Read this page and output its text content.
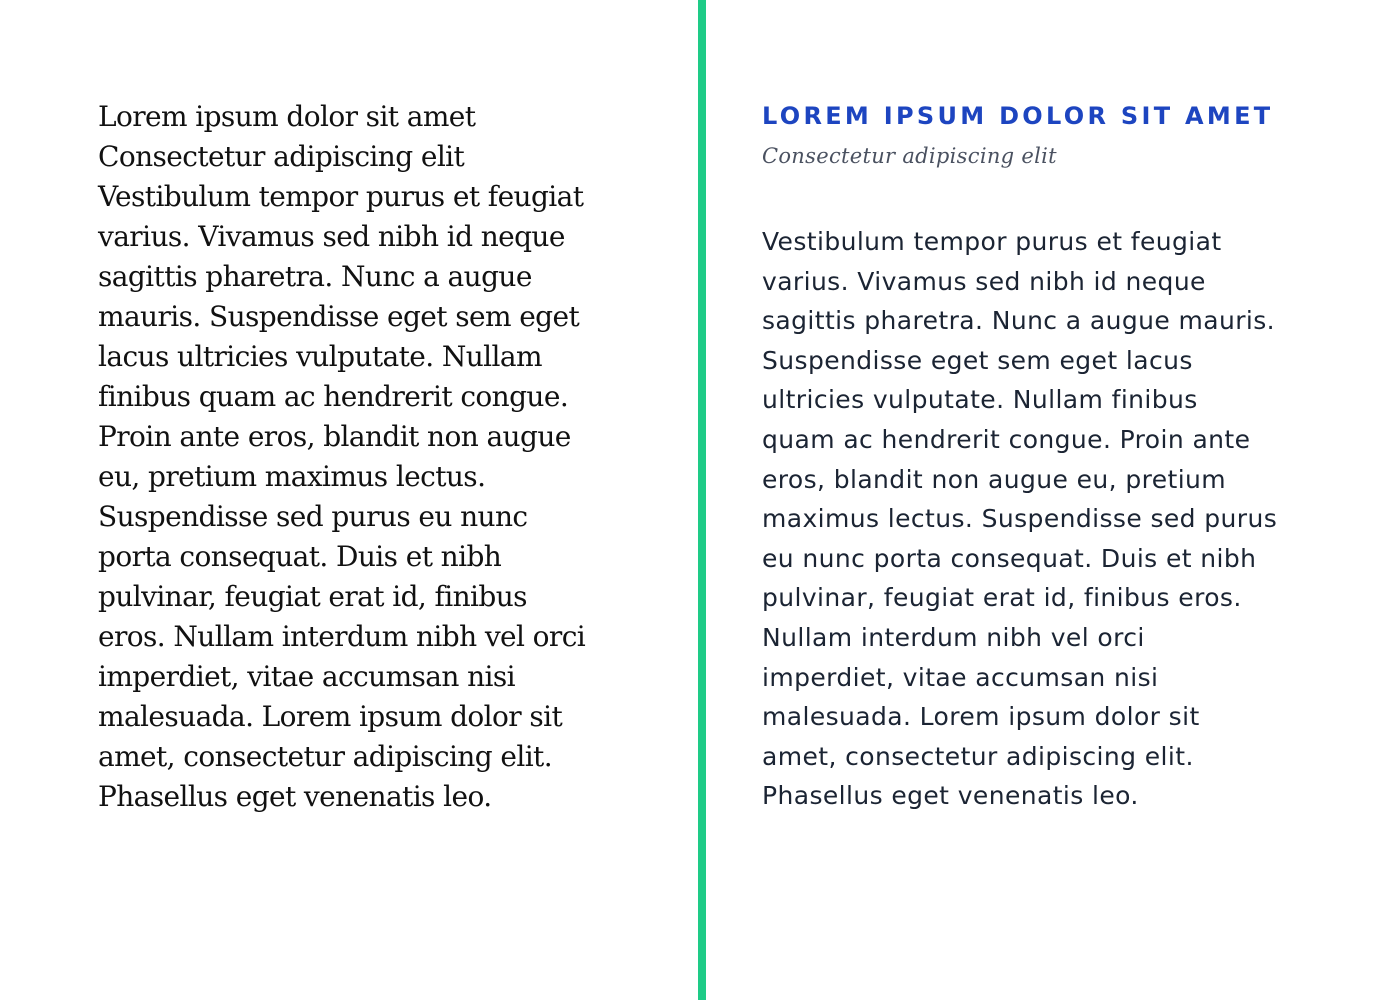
Lorem ipsum dolor sit amet
Consectetur adipiscing elit
Vestibulum tempor purus et feugiat
varius. Vivamus sed nibh id neque
sagittis pharetra. Nunc a augue
mauris. Suspendisse eget sem eget
lacus ultricies vulputate. Nullam
finibus quam ac hendrerit congue.
Proin ante eros, blandit non augue
eu, pretium maximus lectus.
Suspendisse sed purus eu nunc
porta consequat. Duis et nibh
pulvinar, feugiat erat id, finibus
eros. Nullam interdum nibh vel orci
imperdiet, vitae accumsan nisi
malesuada. Lorem ipsum dolor sit
amet, consectetur adipiscing elit.
Phasellus eget venenatis leo.
LOREM IPSUM DOLOR SIT AMET
Consectetur adipiscing elit
Vestibulum tempor purus et feugiat
varius. Vivamus sed nibh id neque
sagittis pharetra. Nunc a augue mauris.
Suspendisse eget sem eget lacus
ultricies vulputate. Nullam finibus
quam ac hendrerit congue. Proin ante
eros, blandit non augue eu, pretium
maximus lectus. Suspendisse sed purus
eu nunc porta consequat. Duis et nibh
pulvinar, feugiat erat id, finibus eros.
Nullam interdum nibh vel orci
imperdiet, vitae accumsan nisi
malesuada. Lorem ipsum dolor sit
amet, consectetur adipiscing elit.
Phasellus eget venenatis leo.
